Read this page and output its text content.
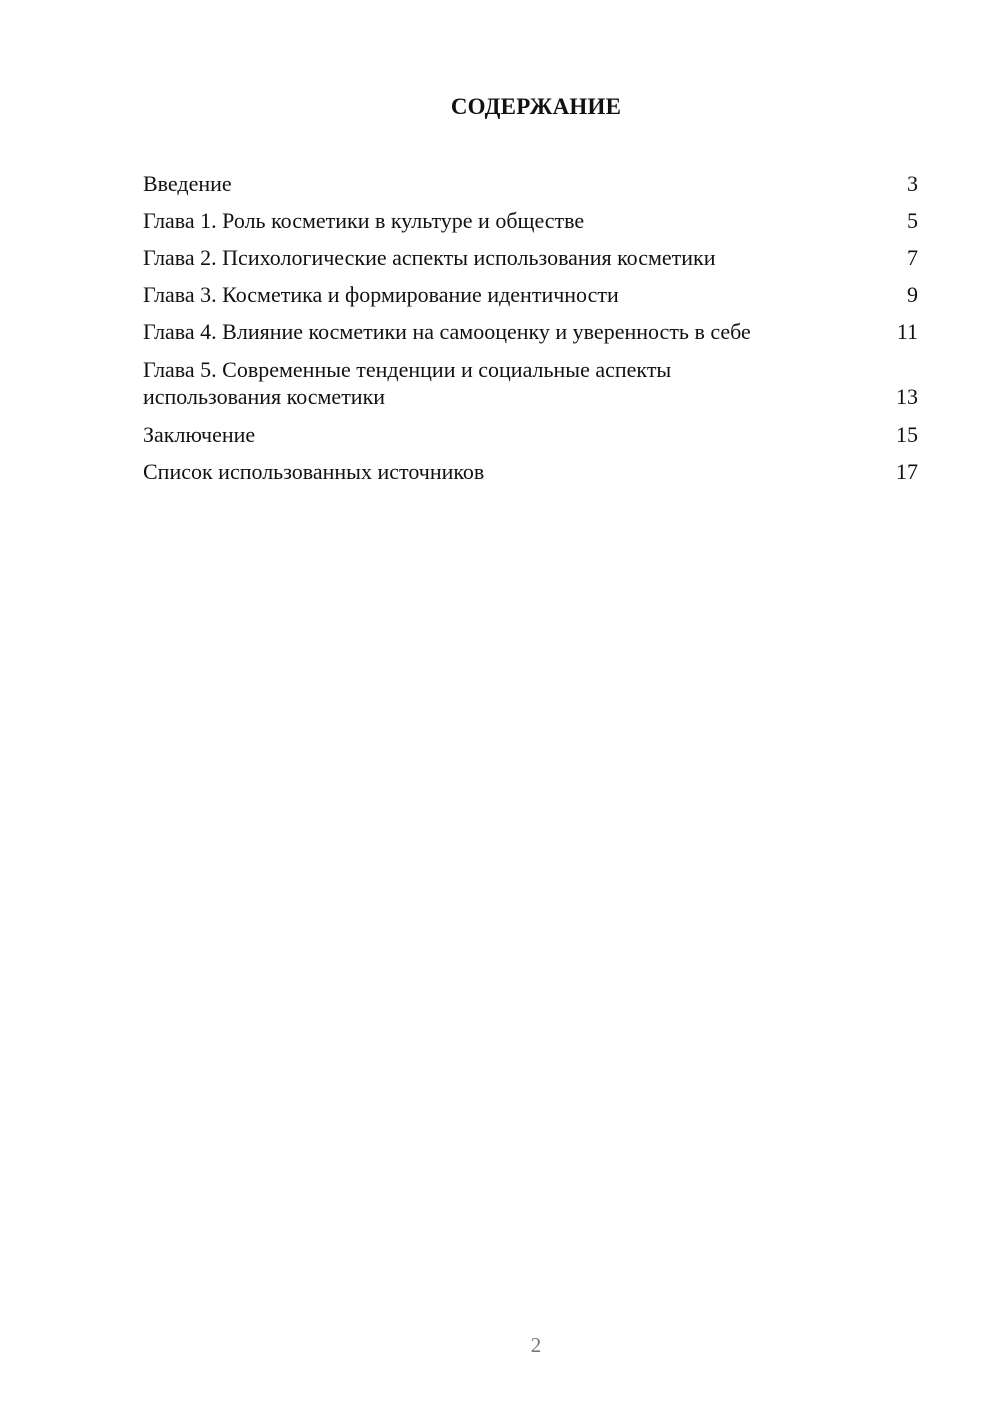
СОДЕРЖАНИЕ
Введение	3
Глава 1. Роль косметики в культуре и обществе	5
Глава 2. Психологические аспекты использования косметики	7
Глава 3. Косметика и формирование идентичности	9
Глава 4. Влияние косметики на самооценку и уверенность в себе	11
Глава 5. Современные тенденции и социальные аспекты использования косметики	13
Заключение	15
Список использованных источников	17
2
